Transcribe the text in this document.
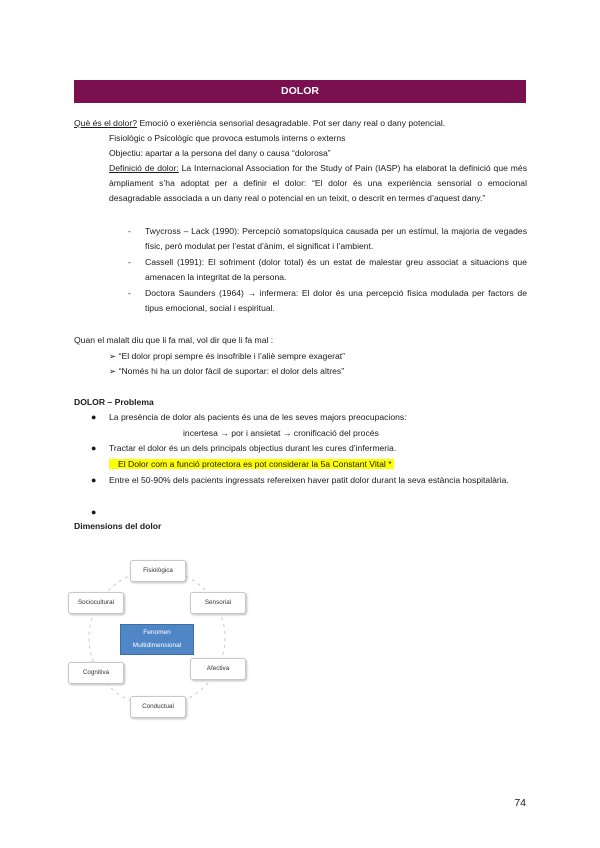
DOLOR
Què és el dolor? Emoció o exeriència sensorial desagradable. Pot ser dany real o dany potencial.
Fisiològic o Psicològic que provoca estumols interns o externs
Objectiu: apartar a la persona del dany o causa “dolorosa”
Definició de dolor: La Internacional Association for the Study of Pain (IASP) ha elaborat la definició que més àmpliament s’ha adoptat per a definir el dolor: “El dolor és una experiència sensorial o emocional desagradable associada a un dany real o potencial en un teixit, o descrit en termes d’aquest dany.”
- Twycross – Lack (1990): Percepció somatopsíquica causada per un estímul, la majoria de vegades físic, però modulat per l’estat d’ànim, el significat i l’ambient.
- Cassell (1991): El sofriment (dolor total) és un estat de malestar greu associat a situacions que amenacen la integritat de la persona.
- Doctora Saunders (1964) → infermera: El dolor és una percepció física modulada per factors de tipus emocional, social i espiritual.
Quan el malalt diu que li fa mal, vol dir que li fa mal :
➢ “El dolor propi sempre és insofrible i l’aliè sempre exagerat”
➢ “Només hi ha un dolor fàcil de suportar: el dolor dels altres”
DOLOR – Problema
● La presència de dolor als pacients és una de les seves majors preocupacions:
incertesa → por i ansietat → cronificació del procés
● Tractar el dolor és un dels principals objectius durant les cures d’infermeria.
El Dolor com a funció protectora es pot considerar la 5a Constant Vital *
● Entre el 50-90% dels pacients ingressats refereixen haver patit dolor durant la seva estància hospitalària.
●
Dimensions del dolor
Fisiològica
Sensorial
Afectiva
Conductual
Cognitiva
Sociocultural
Fenomen
Multidimensional
74
